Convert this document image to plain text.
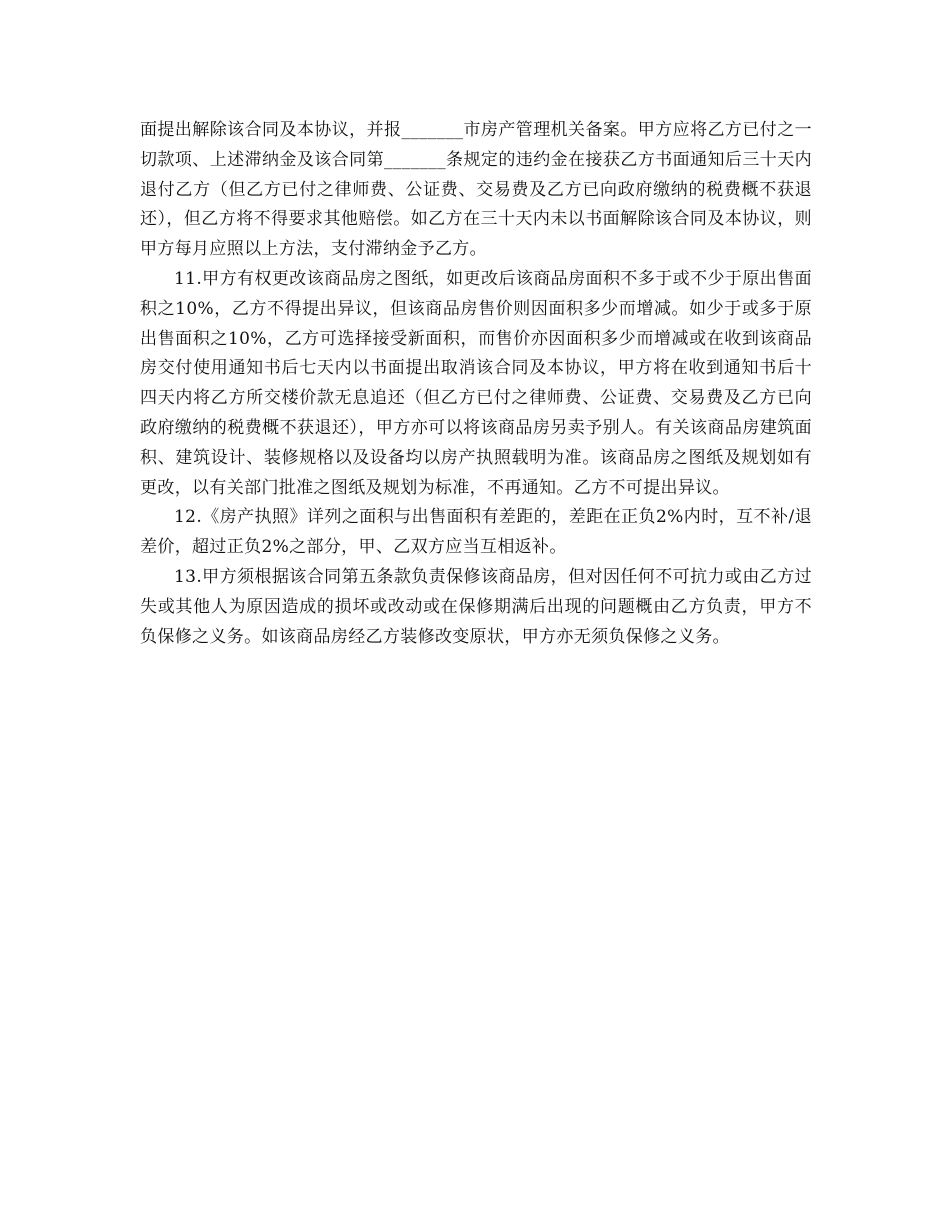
面提出解除该合同及本协议，并报_______市房产管理机关备案。甲方应将乙方已付之一切款项、上述滞纳金及该合同第_______条规定的违约金在接获乙方书面通知后三十天内退付乙方（但乙方已付之律师费、公证费、交易费及乙方已向政府缴纳的税费概不获退还），但乙方将不得要求其他赔偿。如乙方在三十天内未以书面解除该合同及本协议，则甲方每月应照以上方法，支付滞纳金予乙方。

11.甲方有权更改该商品房之图纸，如更改后该商品房面积不多于或不少于原出售面积之10%，乙方不得提出异议，但该商品房售价则因面积多少而增减。如少于或多于原出售面积之10%，乙方可选择接受新面积，而售价亦因面积多少而增减或在收到该商品房交付使用通知书后七天内以书面提出取消该合同及本协议，甲方将在收到通知书后十四天内将乙方所交楼价款无息追还（但乙方已付之律师费、公证费、交易费及乙方已向政府缴纳的税费概不获退还），甲方亦可以将该商品房另卖予别人。有关该商品房建筑面积、建筑设计、装修规格以及设备均以房产执照载明为准。该商品房之图纸及规划如有更改，以有关部门批准之图纸及规划为标准，不再通知。乙方不可提出异议。

12.《房产执照》详列之面积与出售面积有差距的，差距在正负2%内时，互不补/退差价，超过正负2%之部分，甲、乙双方应当互相返补。

13.甲方须根据该合同第五条款负责保修该商品房，但对因任何不可抗力或由乙方过失或其他人为原因造成的损坏或改动或在保修期满后出现的问题概由乙方负责，甲方不负保修之义务。如该商品房经乙方装修改变原状，甲方亦无须负保修之义务。
